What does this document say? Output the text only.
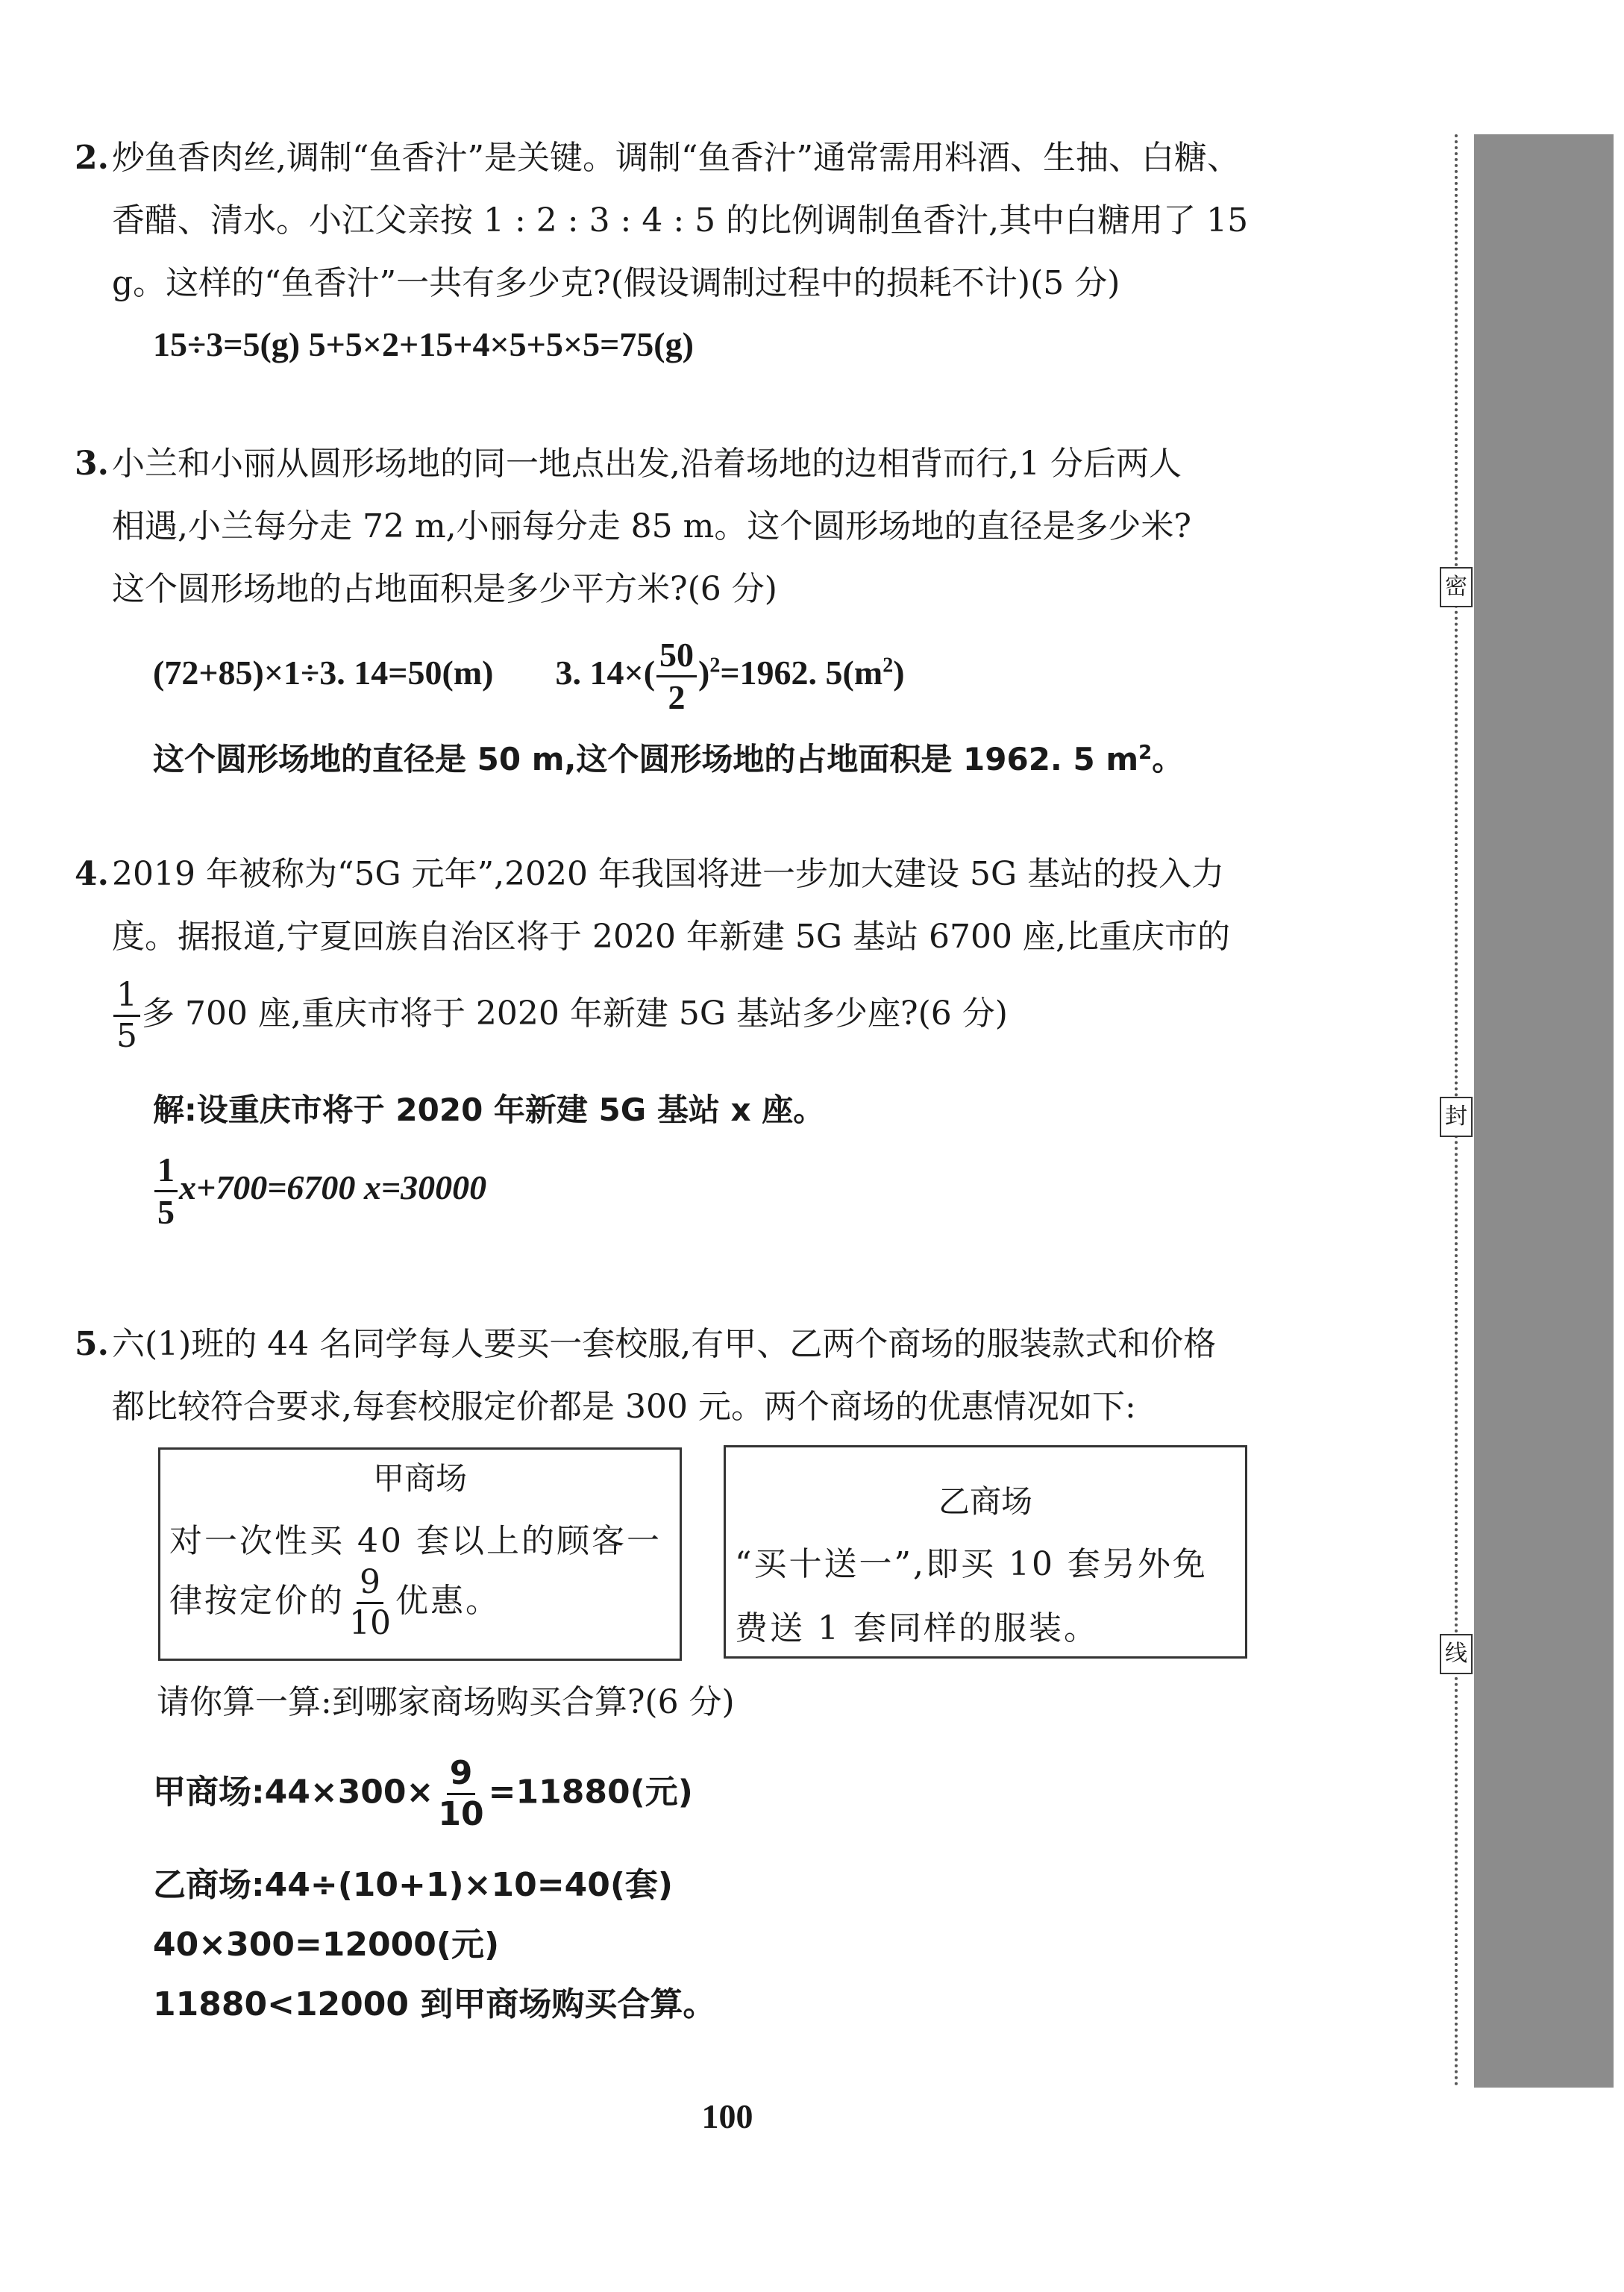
2. 炒鱼香肉丝,调制“鱼香汁”是关键。调制“鱼香汁”通常需用料酒、生抽、白糖、
香醋、清水。小江父亲按 1 : 2 : 3 : 4 : 5 的比例调制鱼香汁,其中白糖用了 15
g。这样的“鱼香汁”一共有多少克?(假设调制过程中的损耗不计)(5 分)
15÷3=5(g) 5+5×2+15+4×5+5×5=75(g)
3. 小兰和小丽从圆形场地的同一地点出发,沿着场地的边相背而行,1 分后两人
相遇,小兰每分走 72 m,小丽每分走 85 m。这个圆形场地的直径是多少米?
这个圆形场地的占地面积是多少平方米?(6 分)
(72+85)×1÷3. 14=50(m) 3. $14\times( \frac{50}{2} )^2=1962$. $5(m^2)$
这个圆形场地的直径是 50 m,这个圆形场地的占地面积是 1962. 5 $m^2$。
4. 2019 年被称为“5G 元年”,2020 年我国将进一步加大建设 5G 基站的投入力
度。据报道,宁夏回族自治区将于 2020 年新建 5G 基站 6700 座,比重庆市的
$\frac{1}{5}$ 多 700 座,重庆市将于 2020 年新建 5G 基站多少座?(6 分)
解:设重庆市将于 2020 年新建 5G 基站 x 座。
$\frac{1}{5} x+700=6700$ x=30000
5. 六(1)班的 44 名同学每人要买一套校服,有甲、乙两个商场的服装款式和价格
都比较符合要求,每套校服定价都是 300 元。两个商场的优惠情况如下:
甲商场
对一次性买 40 套以上的顾客一
律按定价的 $\frac{9}{10}$ 优惠。
乙商场
“买十送一”,即买 10 套另外免
费送 1 套同样的服装。
请你算一算:到哪家商场购买合算?(6 分)
甲商场:44×300× $\frac{9}{10} =11880$(元)
乙商场:44÷(10+1)×10=40(套)
40×300=12000(元)
11880<12000 到甲商场购买合算。
密
封
线
100
